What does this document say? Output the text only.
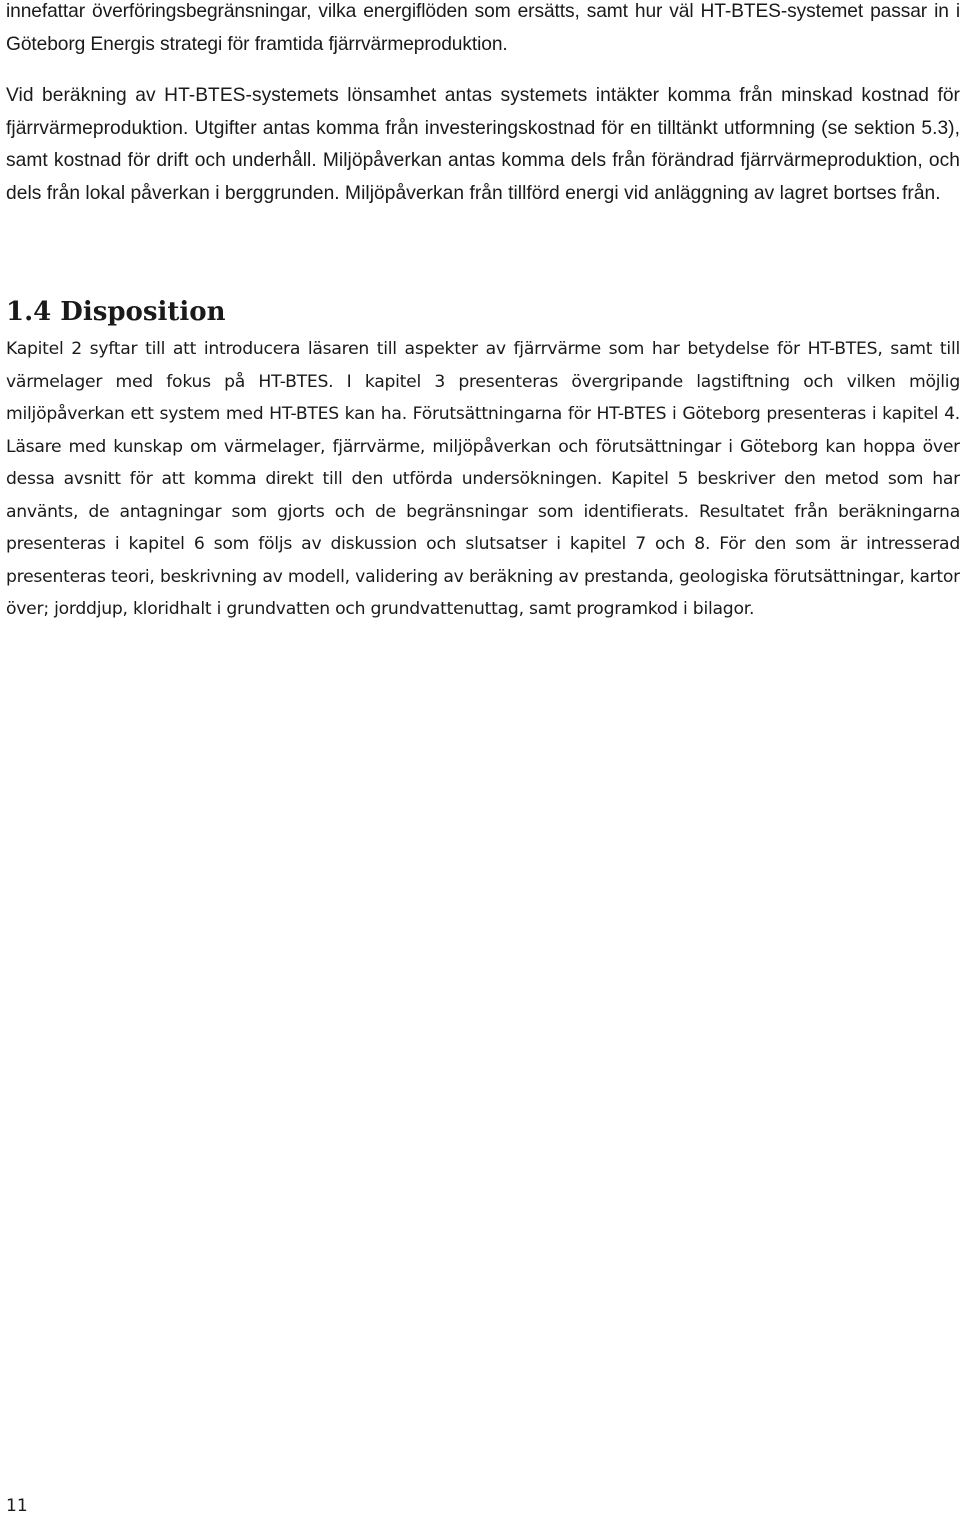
innefattar överföringsbegränsningar, vilka energiflöden som ersätts, samt hur väl HT-BTES-systemet passar in i Göteborg Energis strategi för framtida fjärrvärmeproduktion.

Vid beräkning av HT-BTES-systemets lönsamhet antas systemets intäkter komma från minskad kostnad för fjärrvärmeproduktion. Utgifter antas komma från investeringskostnad för en tilltänkt utformning (se sektion 5.3), samt kostnad för drift och underhåll. Miljöpåverkan antas komma dels från förändrad fjärrvärmeproduktion, och dels från lokal påverkan i berggrunden. Miljöpåverkan från tillförd energi vid anläggning av lagret bortses från.

1.4 Disposition

Kapitel 2 syftar till att introducera läsaren till aspekter av fjärrvärme som har betydelse för HT-BTES, samt till värmelager med fokus på HT-BTES. I kapitel 3 presenteras övergripande lagstiftning och vilken möjlig miljöpåverkan ett system med HT-BTES kan ha. Förutsättningarna för HT-BTES i Göteborg presenteras i kapitel 4. Läsare med kunskap om värmelager, fjärrvärme, miljöpåverkan och förutsättningar i Göteborg kan hoppa över dessa avsnitt för att komma direkt till den utförda undersökningen. Kapitel 5 beskriver den metod som har använts, de antagningar som gjorts och de begränsningar som identifierats. Resultatet från beräkningarna presenteras i kapitel 6 som följs av diskussion och slutsatser i kapitel 7 och 8. För den som är intresserad presenteras teori, beskrivning av modell, validering av beräkning av prestanda, geologiska förutsättningar, kartor över; jorddjup, kloridhalt i grundvatten och grundvattenuttag, samt programkod i bilagor.

11
